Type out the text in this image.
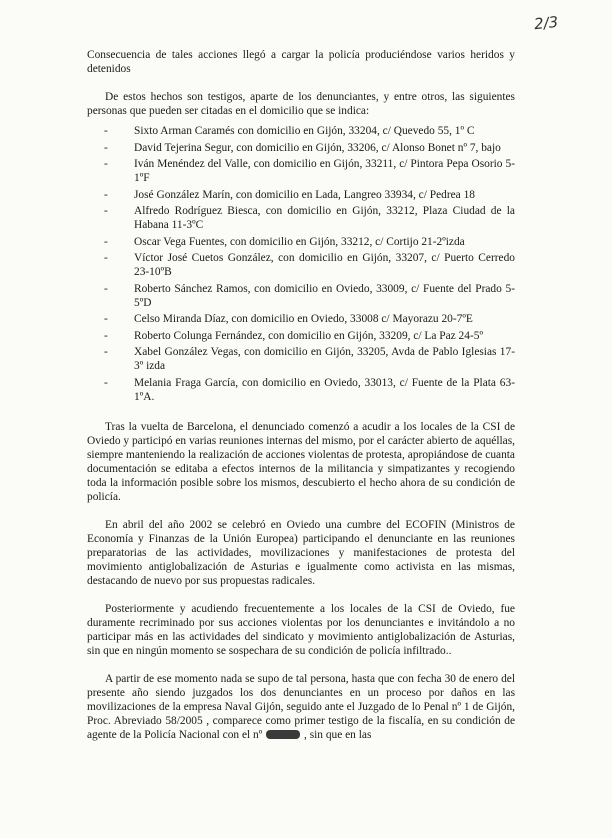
2/3

Consecuencia de tales acciones llegó a cargar la policía produciéndose varios heridos y detenidos

De estos hechos son testigos, aparte de los denunciantes, y entre otros, las siguientes personas que pueden ser citadas en el domicilio que se indica:

- Sixto Arman Caramés con domicilio en Gijón, 33204, c/ Quevedo 55, 1º C
- David Tejerina Segur, con domicilio en Gijón, 33206, c/ Alonso Bonet nº 7, bajo
- Iván Menéndez del Valle, con domicilio en Gijón, 33211, c/ Pintora Pepa Osorio 5-1ºF
- José González Marín, con domicilio en Lada, Langreo 33934, c/ Pedrea 18
- Alfredo Rodríguez Biesca, con domicilio en Gijón, 33212, Plaza Ciudad de la Habana 11-3ºC
- Oscar Vega Fuentes, con domicilio en Gijón, 33212, c/ Cortijo 21-2ºizda
- Víctor José Cuetos González, con domicilio en Gijón, 33207, c/ Puerto Cerredo 23-10ºB
- Roberto Sánchez Ramos, con domicilio en Oviedo, 33009, c/ Fuente del Prado 5-5ºD
- Celso Miranda Díaz, con domicilio en Oviedo, 33008 c/ Mayorazu 20-7ºE
- Roberto Colunga Fernández, con domicilio en Gijón, 33209, c/ La Paz 24-5º
- Xabel González Vegas, con domicilio en Gijón, 33205, Avda de Pablo Iglesias 17-3º izda
- Melania Fraga García, con domicilio en Oviedo, 33013, c/ Fuente de la Plata 63-1ºA.

Tras la vuelta de Barcelona, el denunciado comenzó a acudir a los locales de la CSI de Oviedo y participó en varias reuniones internas del mismo, por el carácter abierto de aquéllas, siempre manteniendo la realización de acciones violentas de protesta, apropiándose de cuanta documentación se editaba a efectos internos de la militancia y simpatizantes y recogiendo toda la información posible sobre los mismos, descubierto el hecho ahora de su condición de policía.

En abril del año 2002 se celebró en Oviedo una cumbre del ECOFIN (Ministros de Economía y Finanzas de la Unión Europea) participando el denunciante en las reuniones preparatorias de las actividades, movilizaciones y manifestaciones de protesta del movimiento antiglobalización de Asturias e igualmente como activista en las mismas, destacando de nuevo por sus propuestas radicales.

Posteriormente y acudiendo frecuentemente a los locales de la CSI de Oviedo, fue duramente recriminado por sus acciones violentas por los denunciantes e invitándolo a no participar más en las actividades del sindicato y movimiento antiglobalización de Asturias, sin que en ningún momento se sospechara de su condición de policía infiltrado..

A partir de ese momento nada se supo de tal persona, hasta que con fecha 30 de enero del presente año siendo juzgados los dos denunciantes en un proceso por daños en las movilizaciones de la empresa Naval Gijón, seguido ante el Juzgado de lo Penal nº 1 de Gijón, Proc. Abreviado 58/2005 , comparece como primer testigo de la fiscalía, en su condición de agente de la Policía Nacional con el nº	, sin que en las
